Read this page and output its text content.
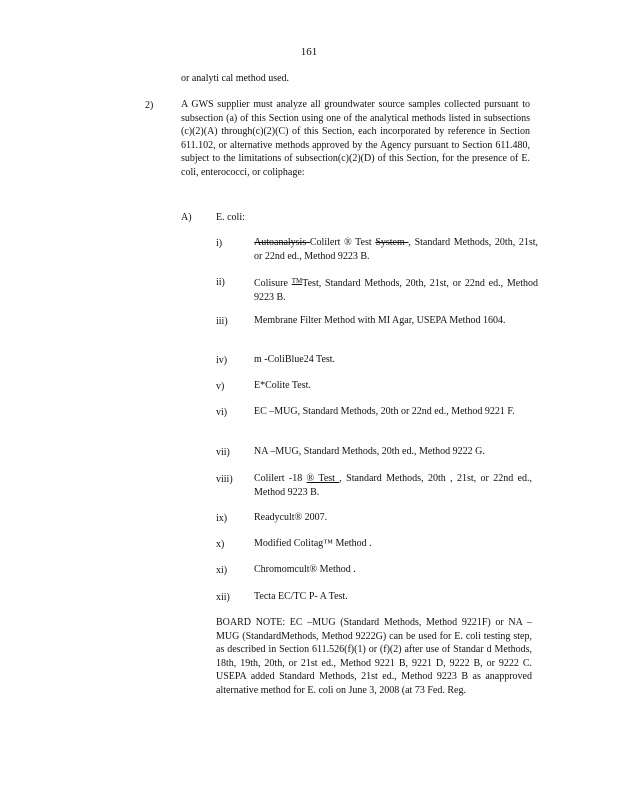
161
or analyti cal method used.
2)	A GWS supplier must analyze all groundwater source samples collected pursuant to subsection (a) of this Section using one of the analytical methods listed in subsections (c)(2)(A) through(c)(2)(C) of this Section, each incorporated by reference in Section 611.102, or alternative methods approved by the Agency pursuant to Section 611.480, subject to the limitations of subsection(c)(2)(D) of this Section, for the presence of E. coli, enterococci, or coliphage:
A) E. coli:
i)	Autoanalysis Colilert ® Test System , Standard Methods, 20th, 21st, or 22nd ed., Method 9223 B.
ii)	Colisure ™Test, Standard Methods, 20th, 21st, or 22nd ed., Method 9223 B.
iii)	Membrane Filter Method with MI Agar, USEPA Method 1604.
iv)	m -ColiBlue24 Test.
v)	E*Colite Test.
vi)	EC –MUG, Standard Methods, 20th or 22nd ed., Method 9221 F.
vii) NA –MUG, Standard Methods, 20th ed., Method 9222 G.
viii) Colilert -18 ® Test , Standard Methods, 20th , 21st, or 22nd ed., Method 9223 B.
ix)	Readycult® 2007.
x)	Modified Colitag™ Method .
xi)	Chromomcult® Method .
xii) Tecta EC/TC P- A Test.
BOARD NOTE: EC –MUG (Standard Methods, Method 9221F) or NA –MUG (StandardMethods, Method 9222G) can be used for E. coli testing step, as described in Section 611.526(f)(1) or (f)(2) after use of Standar d Methods, 18th, 19th, 20th, or 21st ed., Method 9221 B, 9221 D, 9222 B, or 9222 C. USEPA added Standard Methods, 21st ed., Method 9223 B as anapproved alternative method for E. coli on June 3, 2008 (at 73 Fed. Reg.
